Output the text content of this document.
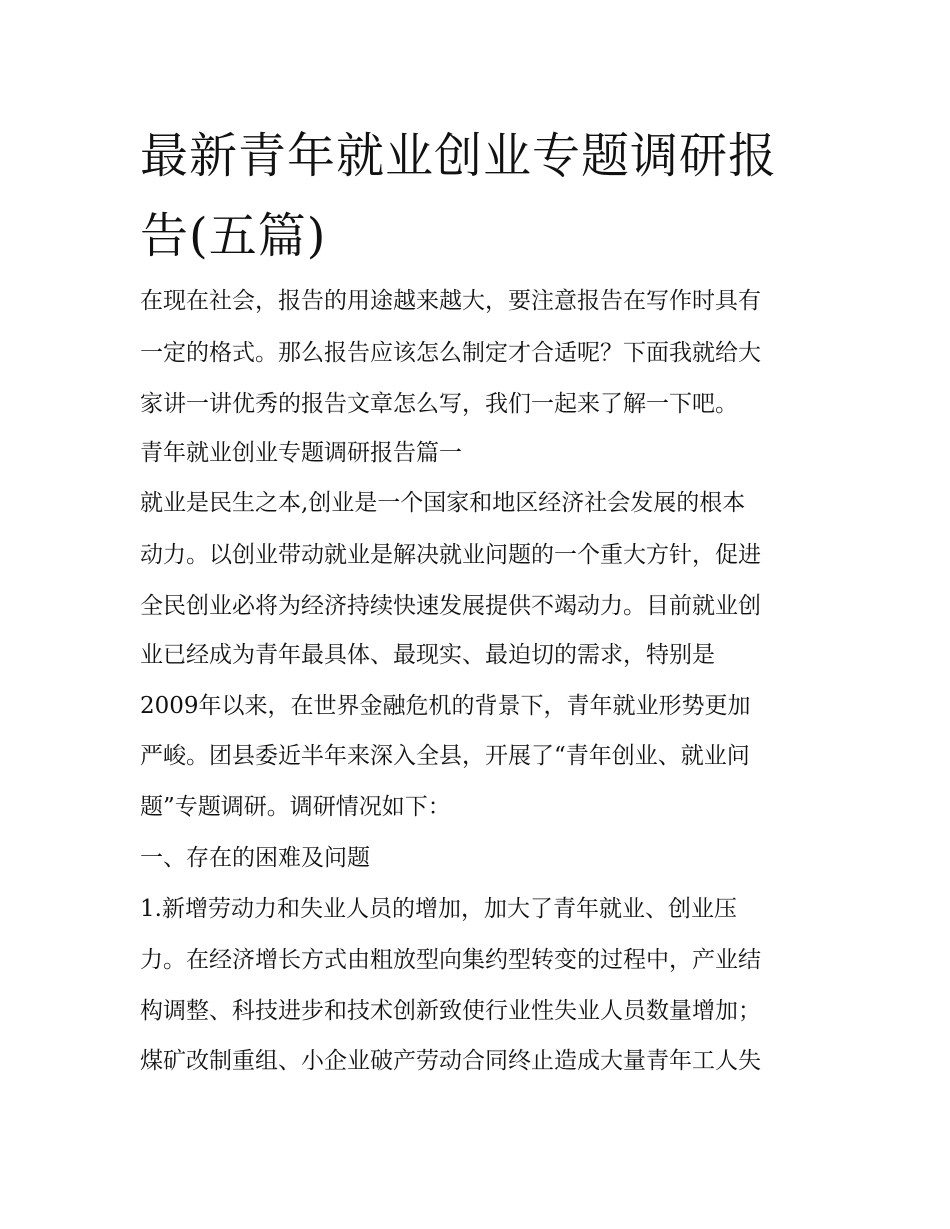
最新青年就业创业专题调研报
告(五篇)

在现在社会，报告的用途越来越大，要注意报告在写作时具有

一定的格式。那么报告应该怎么制定才合适呢？下面我就给大

家讲一讲优秀的报告文章怎么写，我们一起来了解一下吧。

青年就业创业专题调研报告篇一

就业是民生之本,创业是一个国家和地区经济社会发展的根本

动力。以创业带动就业是解决就业问题的一个重大方针，促进

全民创业必将为经济持续快速发展提供不竭动力。目前就业创

业已经成为青年最具体、最现实、最迫切的需求，特别是

2009年以来，在世界金融危机的背景下，青年就业形势更加

严峻。团县委近半年来深入全县，开展了“青年创业、就业问

题”专题调研。调研情况如下：

一、存在的困难及问题

1.新增劳动力和失业人员的增加，加大了青年就业、创业压

力。在经济增长方式由粗放型向集约型转变的过程中，产业结

构调整、科技进步和技术创新致使行业性失业人员数量增加；

煤矿改制重组、小企业破产劳动合同终止造成大量青年工人失
